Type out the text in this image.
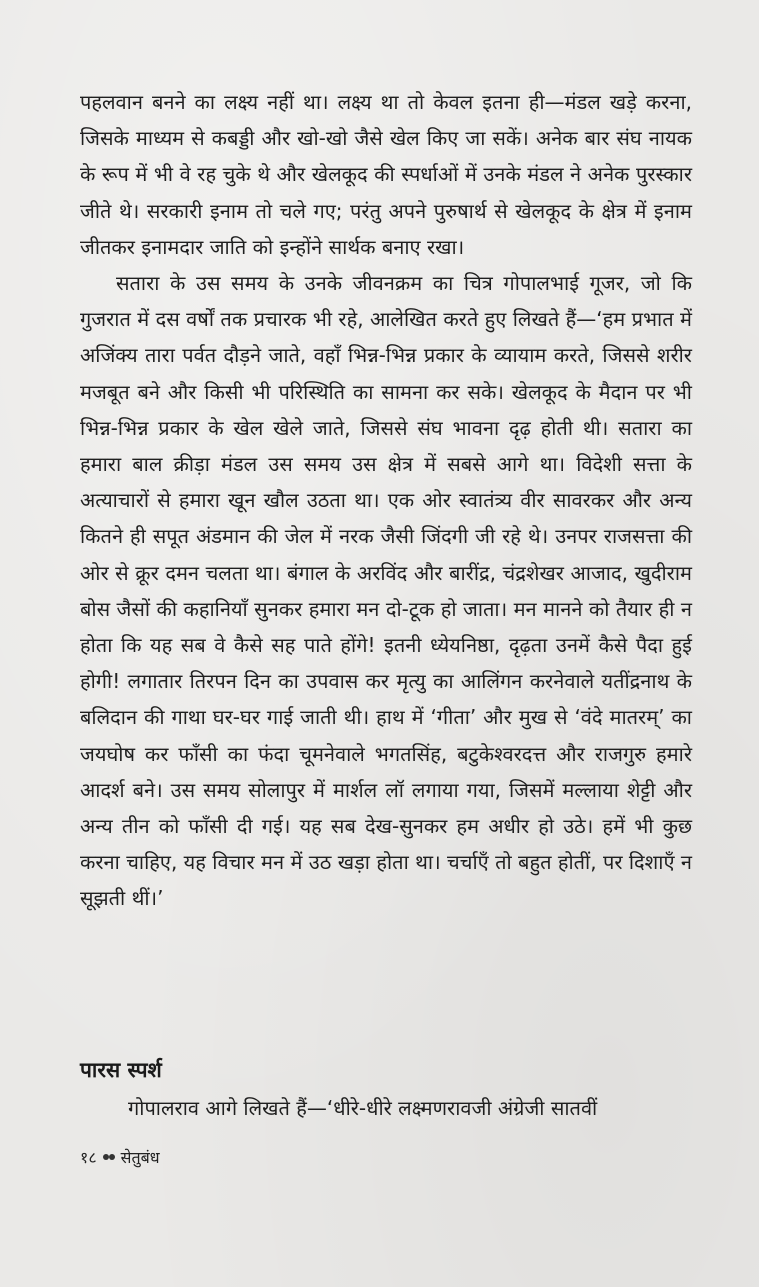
पहलवान बनने का लक्ष्य नहीं था। लक्ष्य था तो केवल इतना ही—मंडल खड़े करना, जिसके माध्यम से कबड्डी और खो-खो जैसे खेल किए जा सकें। अनेक बार संघ नायक के रूप में भी वे रह चुके थे और खेलकूद की स्पर्धाओं में उनके मंडल ने अनेक पुरस्कार जीते थे। सरकारी इनाम तो चले गए; परंतु अपने पुरुषार्थ से खेलकूद के क्षेत्र में इनाम जीतकर इनामदार जाति को इन्होंने सार्थक बनाए रखा।

सतारा के उस समय के उनके जीवनक्रम का चित्र गोपालभाई गूजर, जो कि गुजरात में दस वर्षों तक प्रचारक भी रहे, आलेखित करते हुए लिखते हैं—‘हम प्रभात में अजिंक्य तारा पर्वत दौड़ने जाते, वहाँ भिन्न-भिन्न प्रकार के व्यायाम करते, जिससे शरीर मजबूत बने और किसी भी परिस्थिति का सामना कर सके। खेलकूद के मैदान पर भी भिन्न-भिन्न प्रकार के खेल खेले जाते, जिससे संघ भावना दृढ़ होती थी। सतारा का हमारा बाल क्रीड़ा मंडल उस समय उस क्षेत्र में सबसे आगे था। विदेशी सत्ता के अत्याचारों से हमारा खून खौल उठता था। एक ओर स्वातंत्र्य वीर सावरकर और अन्य कितने ही सपूत अंडमान की जेल में नरक जैसी जिंदगी जी रहे थे। उनपर राजसत्ता की ओर से क्रूर दमन चलता था। बंगाल के अरविंद और बारींद्र, चंद्रशेखर आजाद, खुदीराम बोस जैसों की कहानियाँ सुनकर हमारा मन दो-टूक हो जाता। मन मानने को तैयार ही न होता कि यह सब वे कैसे सह पाते होंगे! इतनी ध्येयनिष्ठा, दृढ़ता उनमें कैसे पैदा हुई होगी! लगातार तिरपन दिन का उपवास कर मृत्यु का आलिंगन करनेवाले यतींद्रनाथ के बलिदान की गाथा घर-घर गाई जाती थी। हाथ में ‘गीता’ और मुख से ‘वंदे मातरम्’ का जयघोष कर फाँसी का फंदा चूमनेवाले भगतसिंह, बटुकेश्वरदत्त और राजगुरु हमारे आदर्श बने। उस समय सोलापुर में मार्शल लॉ लगाया गया, जिसमें मल्लाया शेट्टी और अन्य तीन को फाँसी दी गई। यह सब देख-सुनकर हम अधीर हो उठे। हमें भी कुछ करना चाहिए, यह विचार मन में उठ खड़ा होता था। चर्चाएँ तो बहुत होतीं, पर दिशाएँ न सूझती थीं।’

पारस स्पर्श
गोपालराव आगे लिखते हैं—‘धीरे-धीरे लक्ष्मणरावजी अंग्रेजी सातवीं
१८ सेतुबंध
